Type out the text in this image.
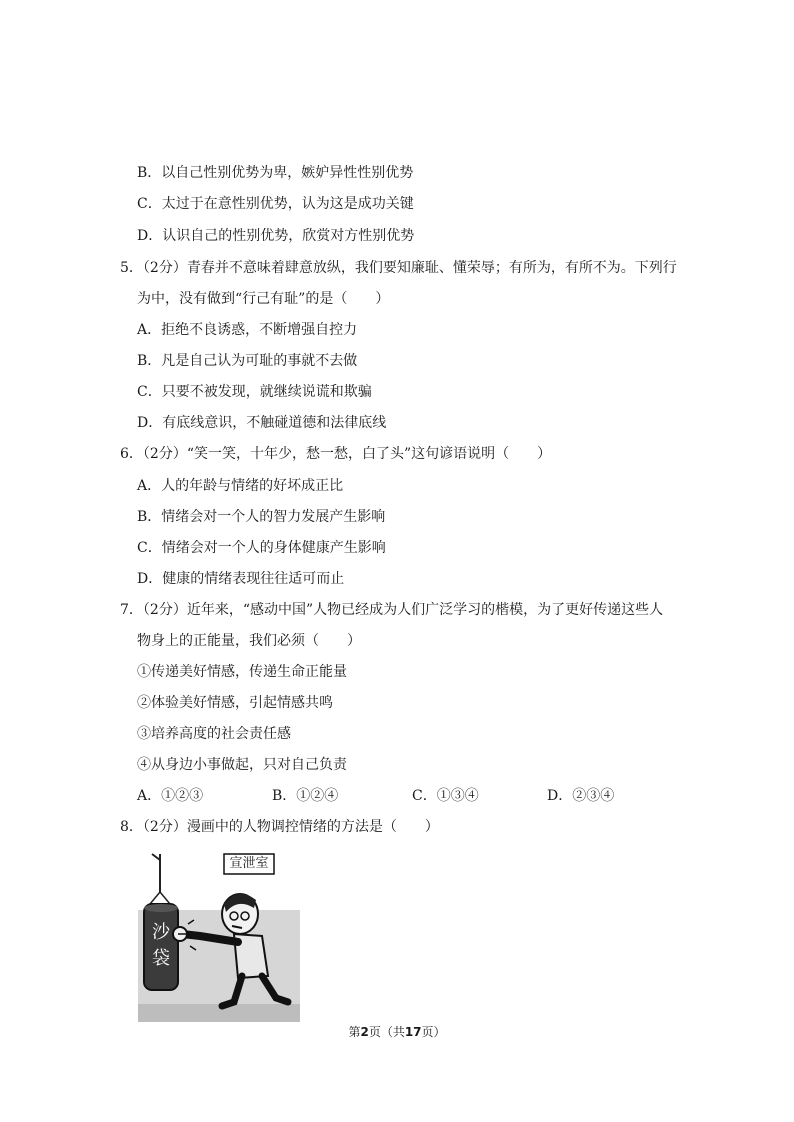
B．以自己性别优势为卑，嫉妒异性性别优势
C．太过于在意性别优势，认为这是成功关键
D．认识自己的性别优势，欣赏对方性别优势
5．（2分）青春并不意味着肆意放纵，我们要知廉耻、懂荣辱；有所为，有所不为。下列行
为中，没有做到“行己有耻”的是（　　）
A．拒绝不良诱惑，不断增强自控力
B．凡是自己认为可耻的事就不去做
C．只要不被发现，就继续说谎和欺骗
D．有底线意识，不触碰道德和法律底线
6．（2分）“笑一笑，十年少，愁一愁，白了头”这句谚语说明（　　）
A．人的年龄与情绪的好坏成正比
B．情绪会对一个人的智力发展产生影响
C．情绪会对一个人的身体健康产生影响
D．健康的情绪表现往往适可而止
7．（2分）近年来，“感动中国”人物已经成为人们广泛学习的楷模，为了更好传递这些人
物身上的正能量，我们必须（　　）
①传递美好情感，传递生命正能量
②体验美好情感，引起情感共鸣
③培养高度的社会责任感
④从身边小事做起，只对自己负责
A．①②③	B．①②④	C．①③④	D．②③④
8．（2分）漫画中的人物调控情绪的方法是（　　）
宣泄室
沙
袋
第2页（共17页）
